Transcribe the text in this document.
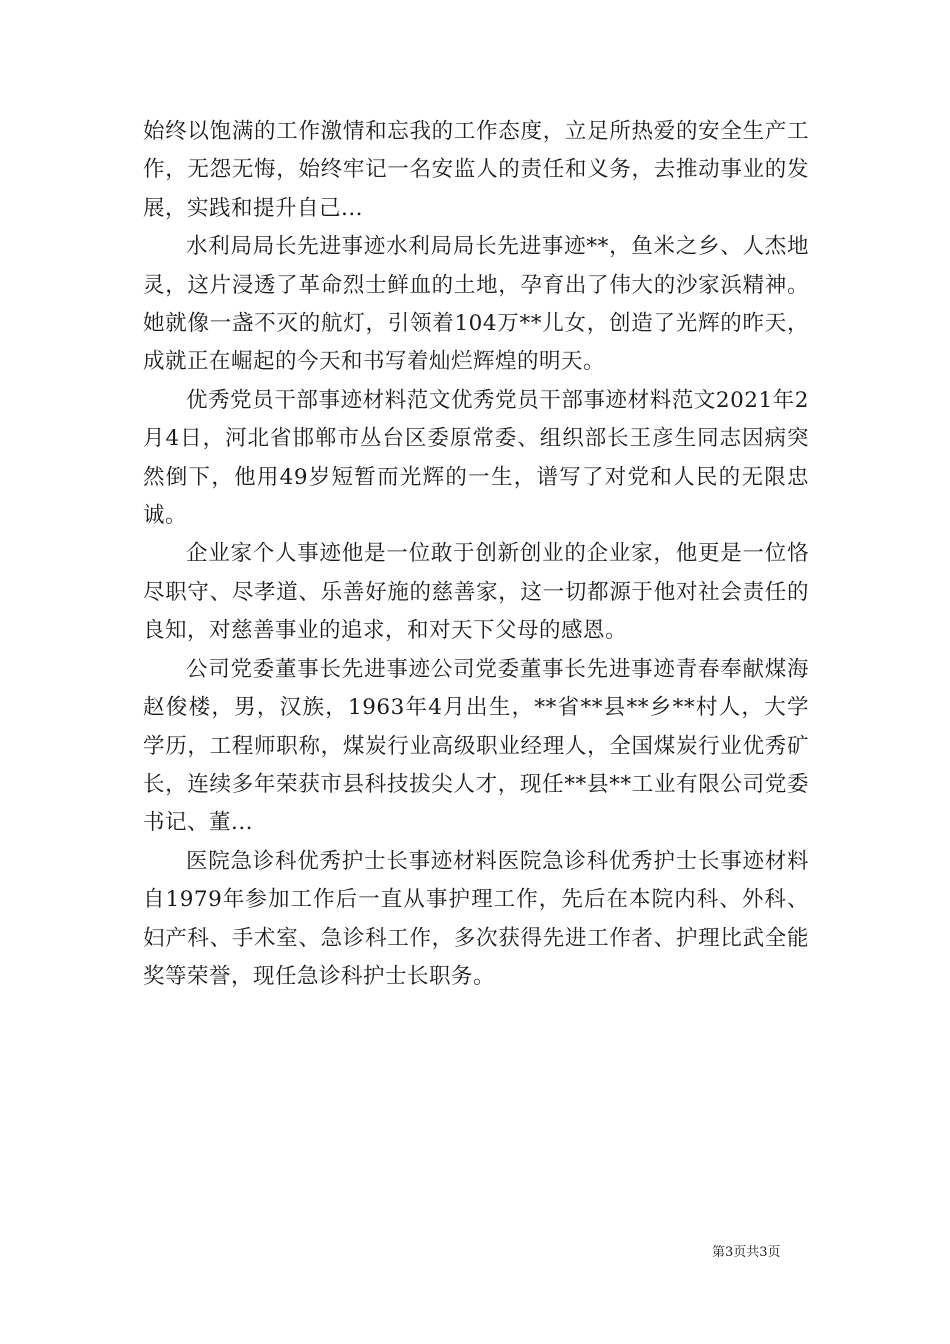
始终以饱满的工作激情和忘我的工作态度，立足所热爱的安全生产工作，无怨无悔，始终牢记一名安监人的责任和义务，去推动事业的发展，实践和提升自己...

水利局局长先进事迹水利局局长先进事迹**，鱼米之乡、人杰地灵，这片浸透了革命烈士鲜血的土地，孕育出了伟大的沙家浜精神。她就像一盏不灭的航灯，引领着104万**儿女，创造了光辉的昨天，成就正在崛起的今天和书写着灿烂辉煌的明天。

优秀党员干部事迹材料范文优秀党员干部事迹材料范文2021年2月4日，河北省邯郸市丛台区委原常委、组织部长王彦生同志因病突然倒下，他用49岁短暂而光辉的一生，谱写了对党和人民的无限忠诚。

企业家个人事迹他是一位敢于创新创业的企业家，他更是一位恪尽职守、尽孝道、乐善好施的慈善家，这一切都源于他对社会责任的良知，对慈善事业的追求，和对天下父母的感恩。

公司党委董事长先进事迹公司党委董事长先进事迹青春奉献煤海赵俊楼，男，汉族，1963年4月出生，**省**县**乡**村人，大学学历，工程师职称，煤炭行业高级职业经理人，全国煤炭行业优秀矿长，连续多年荣获市县科技拔尖人才，现任**县**工业有限公司党委书记、董...

医院急诊科优秀护士长事迹材料医院急诊科优秀护士长事迹材料自1979年参加工作后一直从事护理工作，先后在本院内科、外科、妇产科、手术室、急诊科工作，多次获得先进工作者、护理比武全能奖等荣誉，现任急诊科护士长职务。

第3页共3页
